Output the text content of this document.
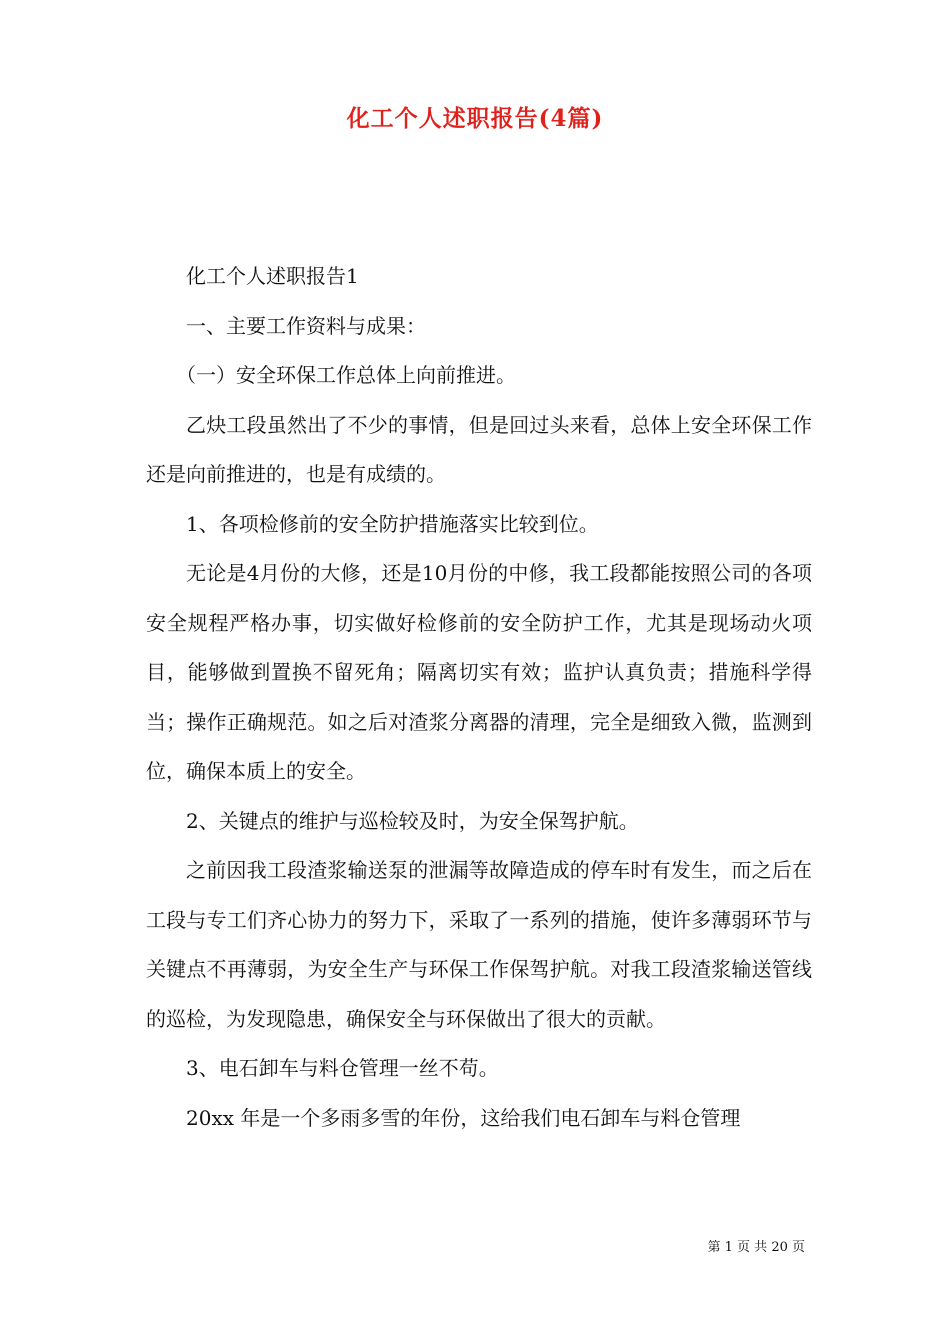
化工个人述职报告(4篇)

化工个人述职报告1

一、主要工作资料与成果：

（一）安全环保工作总体上向前推进。

乙炔工段虽然出了不少的事情，但是回过头来看，总体上安全环保工作还是向前推进的，也是有成绩的。

1、各项检修前的安全防护措施落实比较到位。

无论是4月份的大修，还是10月份的中修，我工段都能按照公司的各项安全规程严格办事，切实做好检修前的安全防护工作，尤其是现场动火项目，能够做到置换不留死角；隔离切实有效；监护认真负责；措施科学得当；操作正确规范。如之后对渣浆分离器的清理，完全是细致入微，监测到位，确保本质上的安全。

2、关键点的维护与巡检较及时，为安全保驾护航。

之前因我工段渣浆输送泵的泄漏等故障造成的停车时有发生，而之后在工段与专工们齐心协力的努力下，采取了一系列的措施，使许多薄弱环节与关键点不再薄弱，为安全生产与环保工作保驾护航。对我工段渣浆输送管线的巡检，为发现隐患，确保安全与环保做出了很大的贡献。

3、电石卸车与料仓管理一丝不苟。

20xx 年是一个多雨多雪的年份，这给我们电石卸车与料仓管理

第 1 页 共 20 页
